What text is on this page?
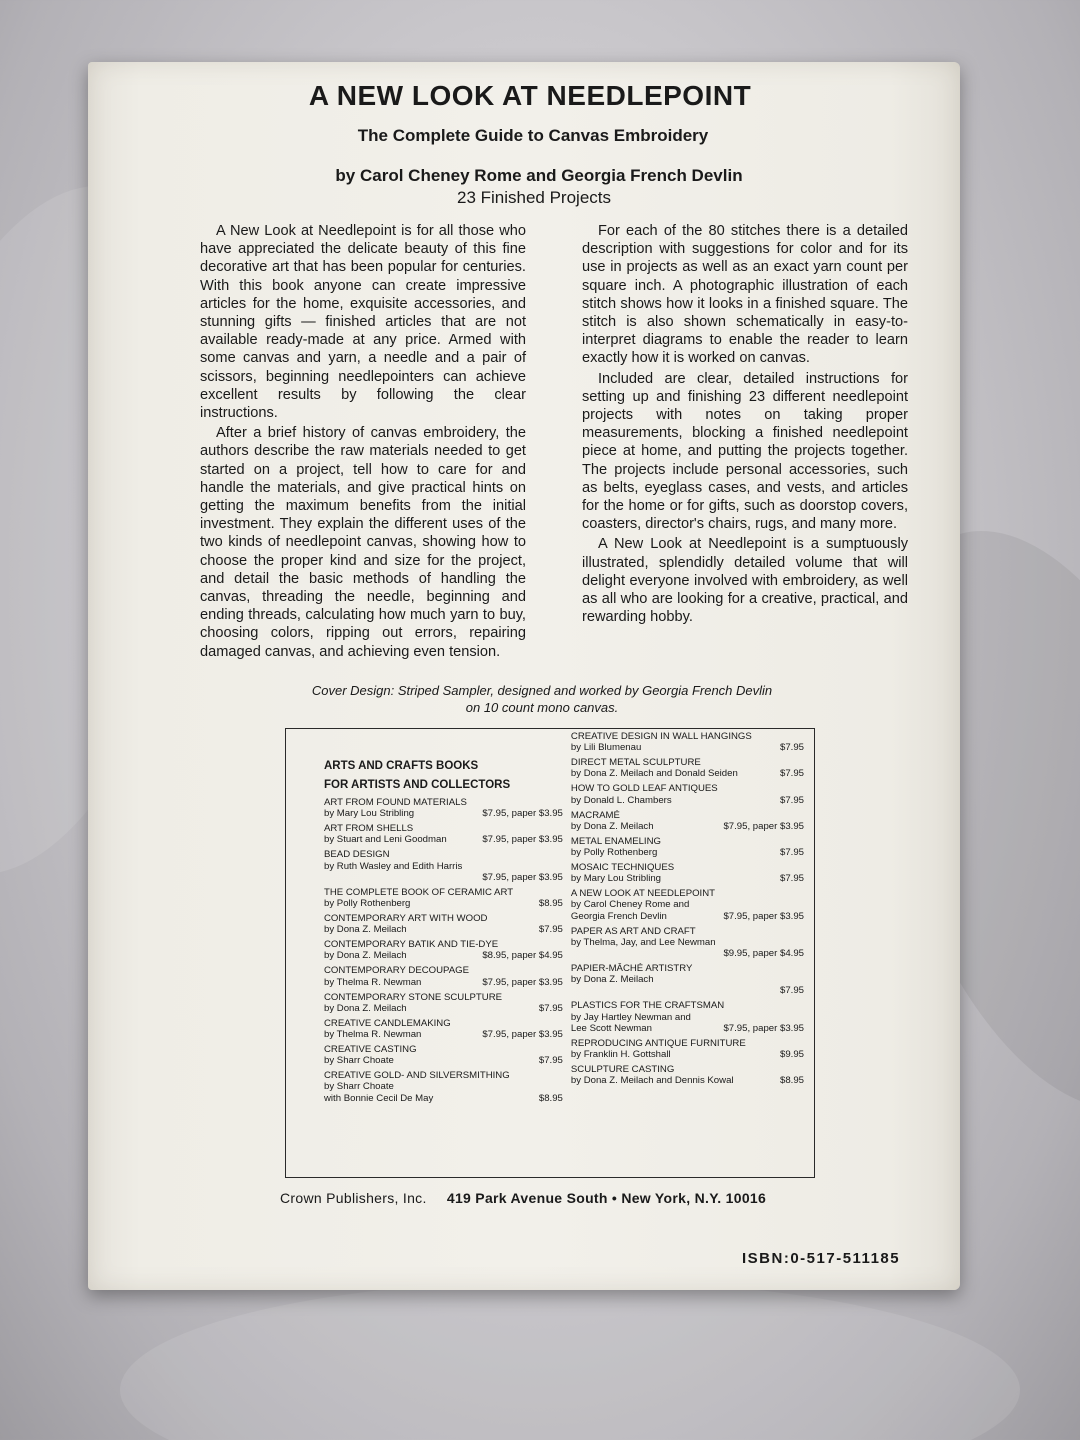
A NEW LOOK AT NEEDLEPOINT
The Complete Guide to Canvas Embroidery
by Carol Cheney Rome and Georgia French Devlin
23 Finished Projects

A New Look at Needlepoint is for all those who have appreciated the delicate beauty of this fine decorative art that has been popular for centuries. With this book anyone can create impressive articles for the home, exquisite accessories, and stunning gifts — finished articles that are not available ready-made at any price. Armed with some canvas and yarn, a needle and a pair of scissors, beginning needlepointers can achieve excellent results by following the clear instructions.

After a brief history of canvas embroidery, the authors describe the raw materials needed to get started on a project, tell how to care for and handle the materials, and give practical hints on getting the maximum benefits from the initial investment. They explain the different uses of the two kinds of needlepoint canvas, showing how to choose the proper kind and size for the project, and detail the basic methods of handling the canvas, threading the needle, beginning and ending threads, calculating how much yarn to buy, choosing colors, ripping out errors, repairing damaged canvas, and achieving even tension.

For each of the 80 stitches there is a detailed description with suggestions for color and for its use in projects as well as an exact yarn count per square inch. A photographic illustration of each stitch shows how it looks in a finished square. The stitch is also shown schematically in easy-to-interpret diagrams to enable the reader to learn exactly how it is worked on canvas.

Included are clear, detailed instructions for setting up and finishing 23 different needlepoint projects with notes on taking proper measurements, blocking a finished needlepoint piece at home, and putting the projects together. The projects include personal accessories, such as belts, eyeglass cases, and vests, and articles for the home or for gifts, such as doorstop covers, coasters, director's chairs, rugs, and many more.

A New Look at Needlepoint is a sumptuously illustrated, splendidly detailed volume that will delight everyone involved with embroidery, as well as all who are looking for a creative, practical, and rewarding hobby.

Cover Design: Striped Sampler, designed and worked by Georgia French Devlin
on 10 count mono canvas.
ARTS AND CRAFTS BOOKS
FOR ARTISTS AND COLLECTORS
ART FROM FOUND MATERIALS
by Mary Lou Stribling	$7.95, paper $3.95
ART FROM SHELLS
by Stuart and Leni Goodman	$7.95, paper $3.95
BEAD DESIGN
by Ruth Wasley and Edith Harris
$7.95, paper $3.95
THE COMPLETE BOOK OF CERAMIC ART
by Polly Rothenberg	$8.95
CONTEMPORARY ART WITH WOOD
by Dona Z. Meilach	$7.95
CONTEMPORARY BATIK AND TIE-DYE
by Dona Z. Meilach	$8.95, paper $4.95
CONTEMPORARY DECOUPAGE
by Thelma R. Newman	$7.95, paper $3.95
CONTEMPORARY STONE SCULPTURE
by Dona Z. Meilach	$7.95
CREATIVE CANDLEMAKING
by Thelma R. Newman	$7.95, paper $3.95
CREATIVE CASTING
by Sharr Choate	$7.95
CREATIVE GOLD- AND SILVERSMITHING
by Sharr Choate
with Bonnie Cecil De May	$8.95
CREATIVE DESIGN IN WALL HANGINGS
by Lili Blumenau	$7.95
DIRECT METAL SCULPTURE
by Dona Z. Meilach and Donald Seiden	$7.95
HOW TO GOLD LEAF ANTIQUES
by Donald L. Chambers	$7.95
MACRAMÉ
by Dona Z. Meilach	$7.95, paper $3.95
METAL ENAMELING
by Polly Rothenberg	$7.95
MOSAIC TECHNIQUES
by Mary Lou Stribling	$7.95
A NEW LOOK AT NEEDLEPOINT
by Carol Cheney Rome and
Georgia French Devlin	$7.95, paper $3.95
PAPER AS ART AND CRAFT
by Thelma, Jay, and Lee Newman
$9.95, paper $4.95
PAPIER-MÂCHÉ ARTISTRY
by Dona Z. Meilach
$7.95
PLASTICS FOR THE CRAFTSMAN
by Jay Hartley Newman and
Lee Scott Newman	$7.95, paper $3.95
REPRODUCING ANTIQUE FURNITURE
by Franklin H. Gottshall	$9.95
SCULPTURE CASTING
by Dona Z. Meilach and Dennis Kowal	$8.95
Crown Publishers, Inc. 419 Park Avenue South • New York, N.Y. 10016
ISBN:0-517-511185
